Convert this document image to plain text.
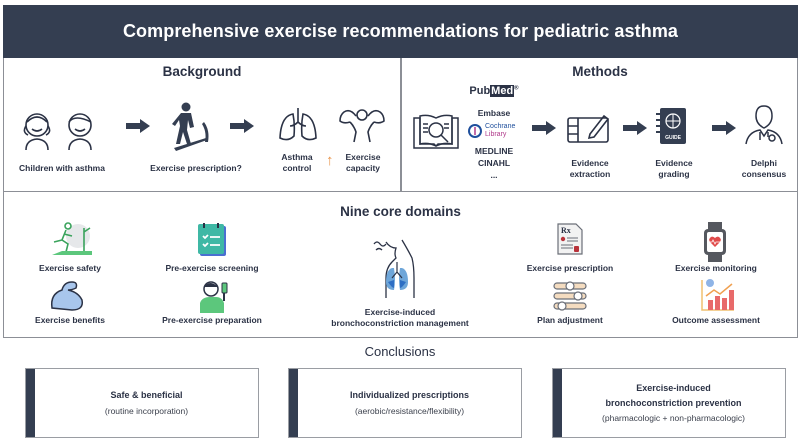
Comprehensive exercise recommendations for pediatric asthma
Background
Children with asthma	Exercise prescription?
Asthma
control ↑	Exercise
capacity
Methods
PubMed®
Embase
Cochrane
Library
MEDLINE
CINAHL
...
Evidence
extraction
GUIDE
Evidence
grading
Delphi
consensus
Nine core domains
Exercise safety	Pre-exercise screening
Exercise benefits	Pre-exercise preparation
Exercise-induced
bronchoconstriction management
Rx
Exercise prescription	Exercise monitoring
Plan adjustment	Outcome assessment
Conclusions
Safe & beneficial
(routine incorporation)
Individualized prescriptions
(aerobic/resistance/flexibility)
Exercise-induced
bronchoconstriction prevention
(pharmacologic + non-pharmacologic)
